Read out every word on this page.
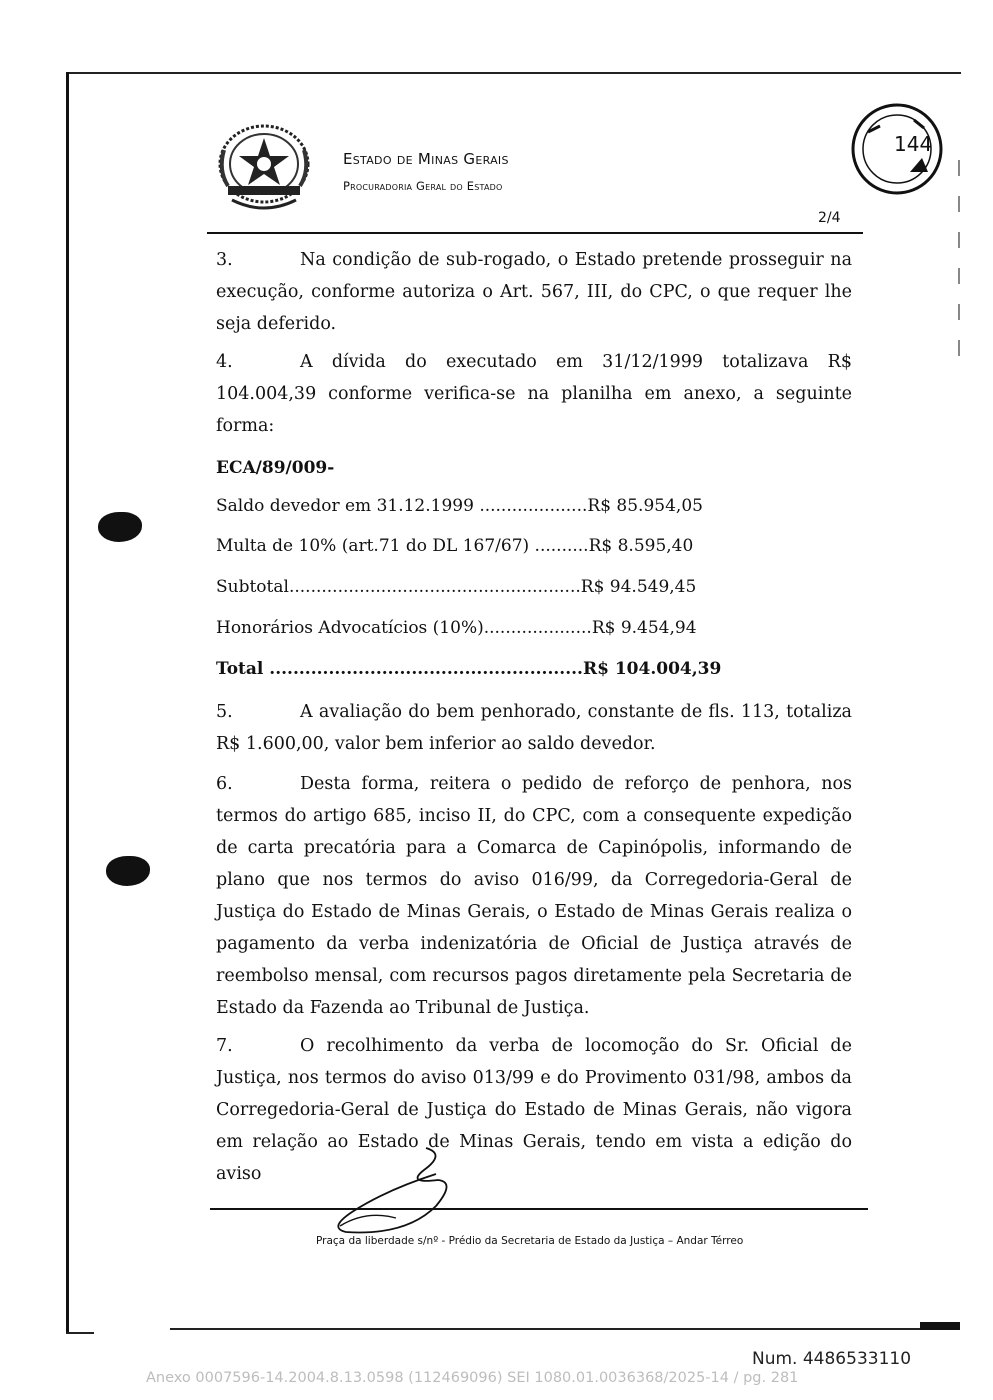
Estado de Minas Gerais
Procuradoria Geral do Estado
144
2/4
3.	Na condição de sub-rogado, o Estado pretende prosseguir na execução, conforme autoriza o Art. 567, III, do CPC, o que requer lhe seja deferido.
4.	A dívida do executado em 31/12/1999 totalizava R$ 104.004,39 conforme verifica-se na planilha em anexo, a seguinte forma:
ECA/89/009-
Saldo devedor em 31.12.1999 ....................R$ 85.954,05
Multa de 10% (art.71 do DL 167/67) ..........R$ 8.595,40
Subtotal......................................................R$ 94.549,45
Honorários Advocatícios (10%)....................R$ 9.454,94
Total .....................................................R$ 104.004,39
5.	A avaliação do bem penhorado, constante de fls. 113, totaliza R$ 1.600,00, valor bem inferior ao saldo devedor.
6.	Desta forma, reitera o pedido de reforço de penhora, nos termos do artigo 685, inciso II, do CPC, com a consequente expedição de carta precatória para a Comarca de Capinópolis, informando de plano que nos termos do aviso 016/99, da Corregedoria-Geral de Justiça do Estado de Minas Gerais, o Estado de Minas Gerais realiza o pagamento da verba indenizatória de Oficial de Justiça através de reembolso mensal, com recursos pagos diretamente pela Secretaria de Estado da Fazenda ao Tribunal de Justiça.
7.	O recolhimento da verba de locomoção do Sr. Oficial de Justiça, nos termos do aviso 013/99 e do Provimento 031/98, ambos da Corregedoria-Geral de Justiça do Estado de Minas Gerais, não vigora em relação ao Estado de Minas Gerais, tendo em vista a edição do aviso
Praça da liberdade s/nº - Prédio da Secretaria de Estado da Justiça – Andar Térreo
Num. 4486533110
Anexo 0007596-14.2004.8.13.0598 (112469096) SEI 1080.01.0036368/2025-14 / pg. 281
